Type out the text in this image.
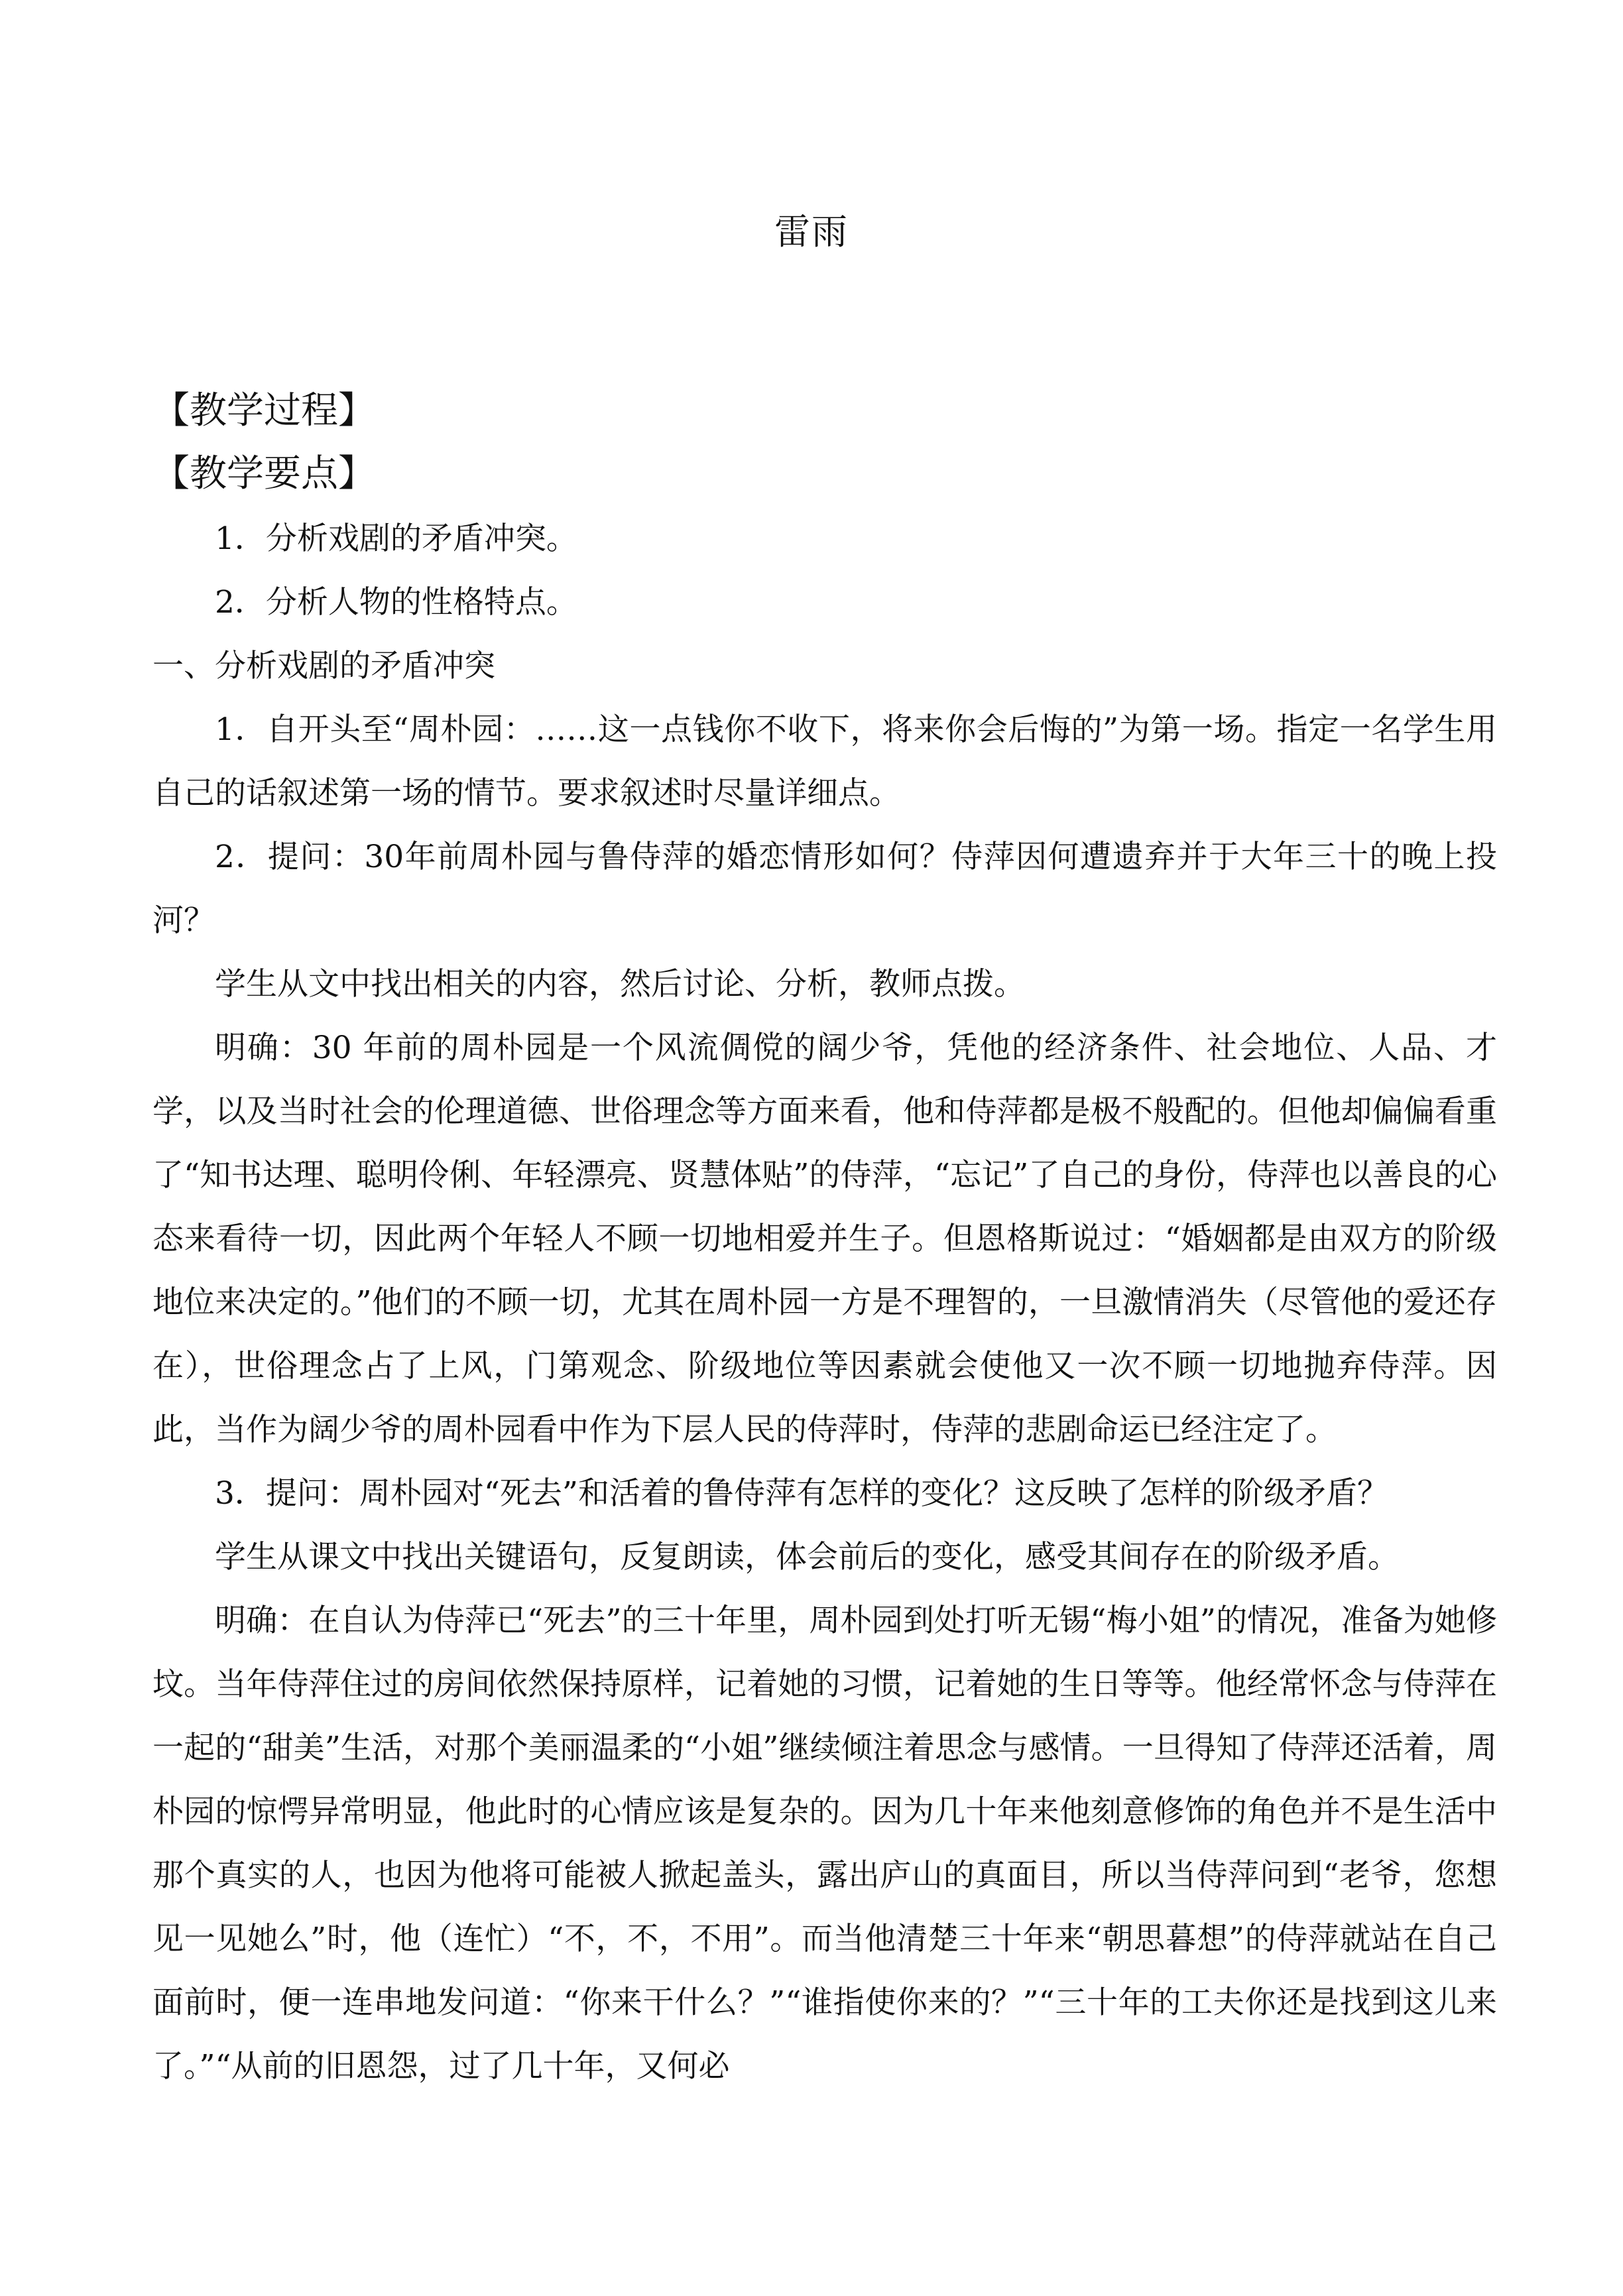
雷雨
【教学过程】
【教学要点】

1．分析戏剧的矛盾冲突。

2．分析人物的性格特点。

一、分析戏剧的矛盾冲突

1．自开头至“周朴园：……这一点钱你不收下，将来你会后悔的”为第一场。指定一名学生用自己的话叙述第一场的情节。要求叙述时尽量详细点。

2．提问：30年前周朴园与鲁侍萍的婚恋情形如何？侍萍因何遭遗弃并于大年三十的晚上投河？

学生从文中找出相关的内容，然后讨论、分析，教师点拨。

明确：30 年前的周朴园是一个风流倜傥的阔少爷，凭他的经济条件、社会地位、人品、才学，以及当时社会的伦理道德、世俗理念等方面来看，他和侍萍都是极不般配的。但他却偏偏看重了“知书达理、聪明伶俐、年轻漂亮、贤慧体贴”的侍萍，“忘记”了自己的身份，侍萍也以善良的心态来看待一切，因此两个年轻人不顾一切地相爱并生子。但恩格斯说过：“婚姻都是由双方的阶级地位来决定的。”他们的不顾一切，尤其在周朴园一方是不理智的，一旦激情消失（尽管他的爱还存在），世俗理念占了上风，门第观念、阶级地位等因素就会使他又一次不顾一切地抛弃侍萍。因此，当作为阔少爷的周朴园看中作为下层人民的侍萍时，侍萍的悲剧命运已经注定了。

3．提问：周朴园对“死去”和活着的鲁侍萍有怎样的变化？这反映了怎样的阶级矛盾？

学生从课文中找出关键语句，反复朗读，体会前后的变化，感受其间存在的阶级矛盾。

明确：在自认为侍萍已“死去”的三十年里，周朴园到处打听无锡“梅小姐”的情况，准备为她修坟。当年侍萍住过的房间依然保持原样，记着她的习惯，记着她的生日等等。他经常怀念与侍萍在一起的“甜美”生活，对那个美丽温柔的“小姐”继续倾注着思念与感情。一旦得知了侍萍还活着，周朴园的惊愕异常明显，他此时的心情应该是复杂的。因为几十年来他刻意修饰的角色并不是生活中那个真实的人，也因为他将可能被人掀起盖头，露出庐山的真面目，所以当侍萍问到“老爷，您想见一见她么”时，他（连忙）“不，不，不用”。而当他清楚三十年来“朝思暮想”的侍萍就站在自己面前时，便一连串地发问道：“你来干什么？”“谁指使你来的？”“三十年的工夫你还是找到这儿来了。”“从前的旧恩怨，过了几十年，又何必
